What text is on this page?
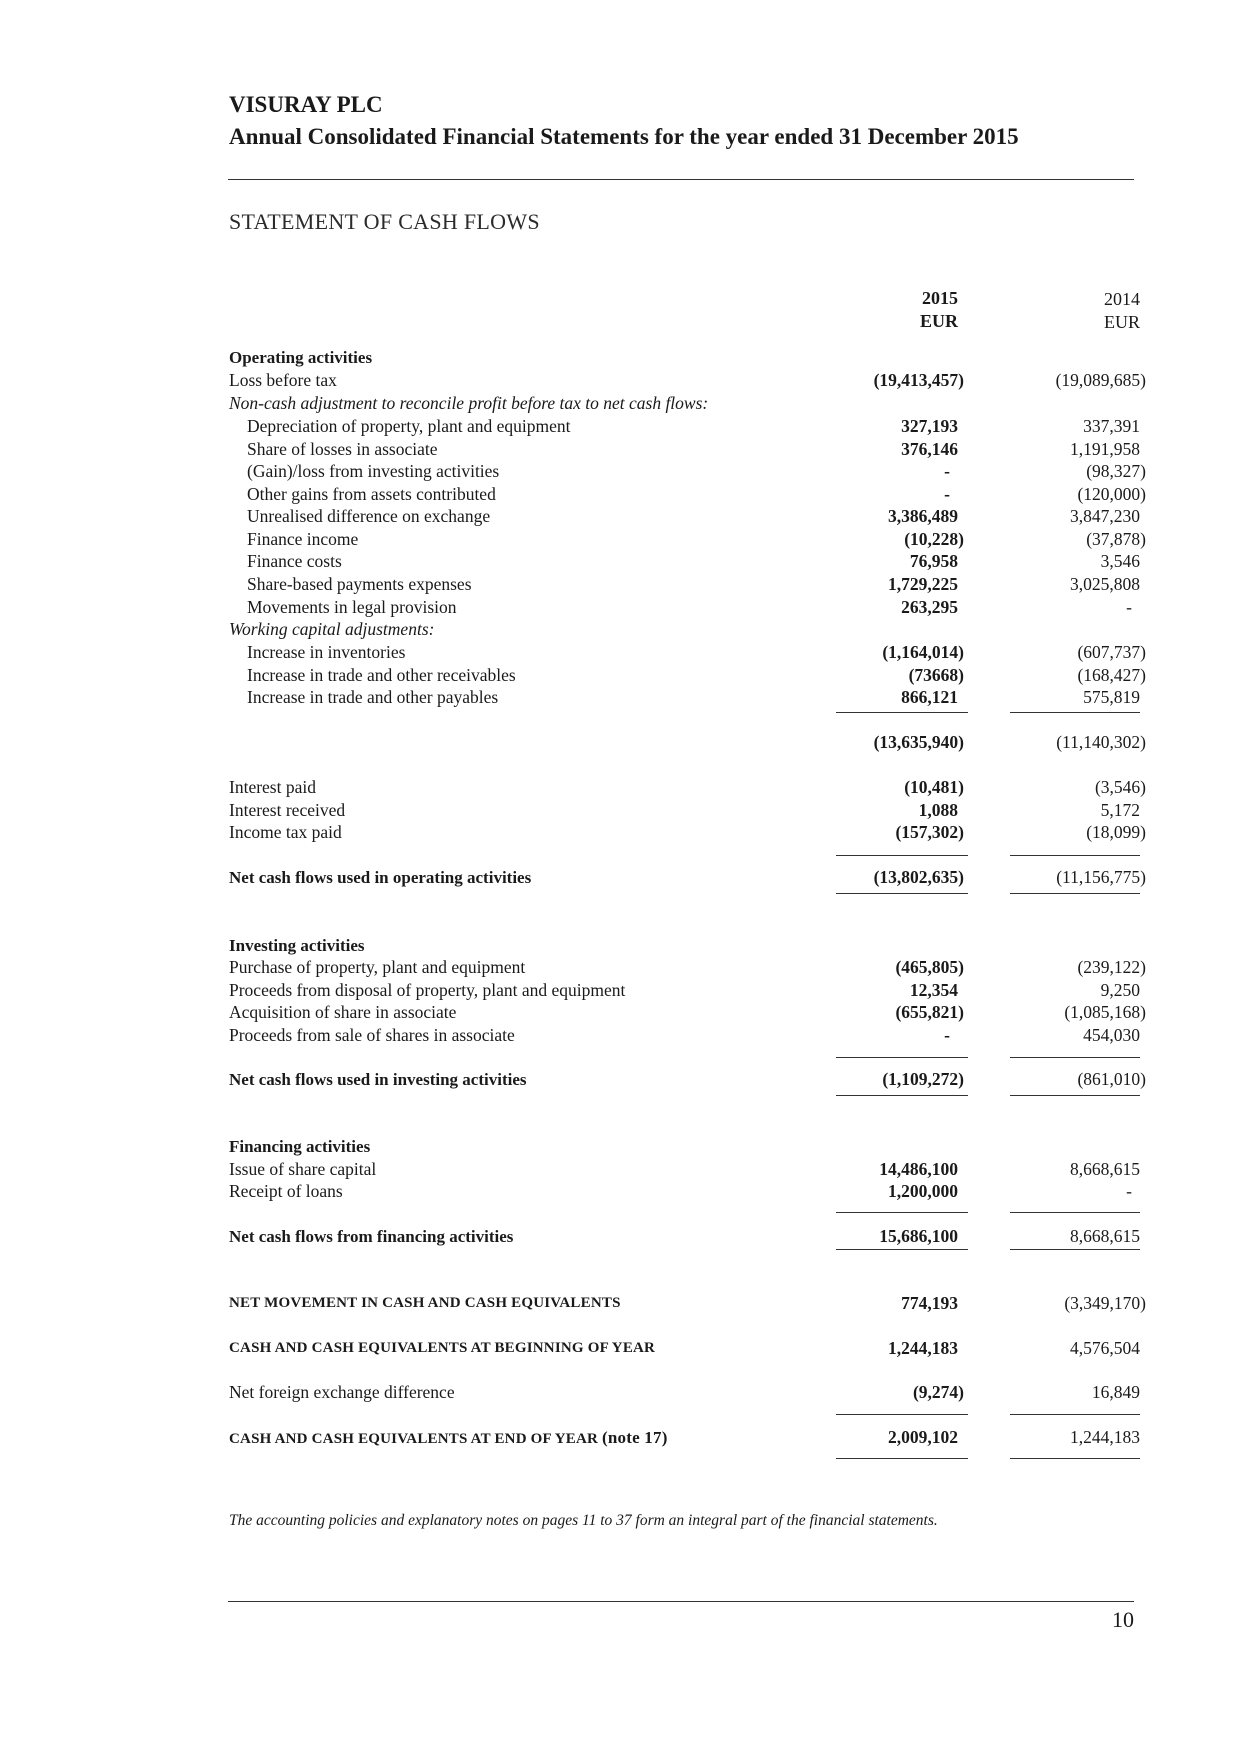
VISURAY PLC
Annual Consolidated Financial Statements for the year ended 31 December 2015
STATEMENT OF CASH FLOWS
2015
EUR
2014
EUR
Operating activities
Loss before tax	(19,413,457)	(19,089,685)
Non-cash adjustment to reconcile profit before tax to net cash flows:
Depreciation of property, plant and equipment	327,193	337,391
Share of losses in associate	376,146	1,191,958
(Gain)/loss from investing activities	-	(98,327)
Other gains from assets contributed	-	(120,000)
Unrealised difference on exchange	3,386,489	3,847,230
Finance income	(10,228)	(37,878)
Finance costs	76,958	3,546
Share-based payments expenses	1,729,225	3,025,808
Movements in legal provision	263,295	-
Working capital adjustments:
Increase in inventories	(1,164,014)	(607,737)
Increase in trade and other receivables	(73668)	(168,427)
Increase in trade and other payables	866,121	575,819
(13,635,940)	(11,140,302)
Interest paid	(10,481)	(3,546)
Interest received	1,088	5,172
Income tax paid	(157,302)	(18,099)
Net cash flows used in operating activities	(13,802,635)	(11,156,775)
Investing activities
Purchase of property, plant and equipment	(465,805)	(239,122)
Proceeds from disposal of property, plant and equipment	12,354	9,250
Acquisition of share in associate	(655,821)	(1,085,168)
Proceeds from sale of shares in associate	-	454,030
Net cash flows used in investing activities	(1,109,272)	(861,010)
Financing activities
Issue of share capital	14,486,100	8,668,615
Receipt of loans	1,200,000	-
Net cash flows from financing activities	15,686,100	8,668,615
NET MOVEMENT IN CASH AND CASH EQUIVALENTS	774,193	(3,349,170)
CASH AND CASH EQUIVALENTS AT BEGINNING OF YEAR	1,244,183	4,576,504
Net foreign exchange difference	(9,274)	16,849
CASH AND CASH EQUIVALENTS AT END OF YEAR (note 17)	2,009,102	1,244,183
The accounting policies and explanatory notes on pages 11 to 37 form an integral part of the financial statements.
10
